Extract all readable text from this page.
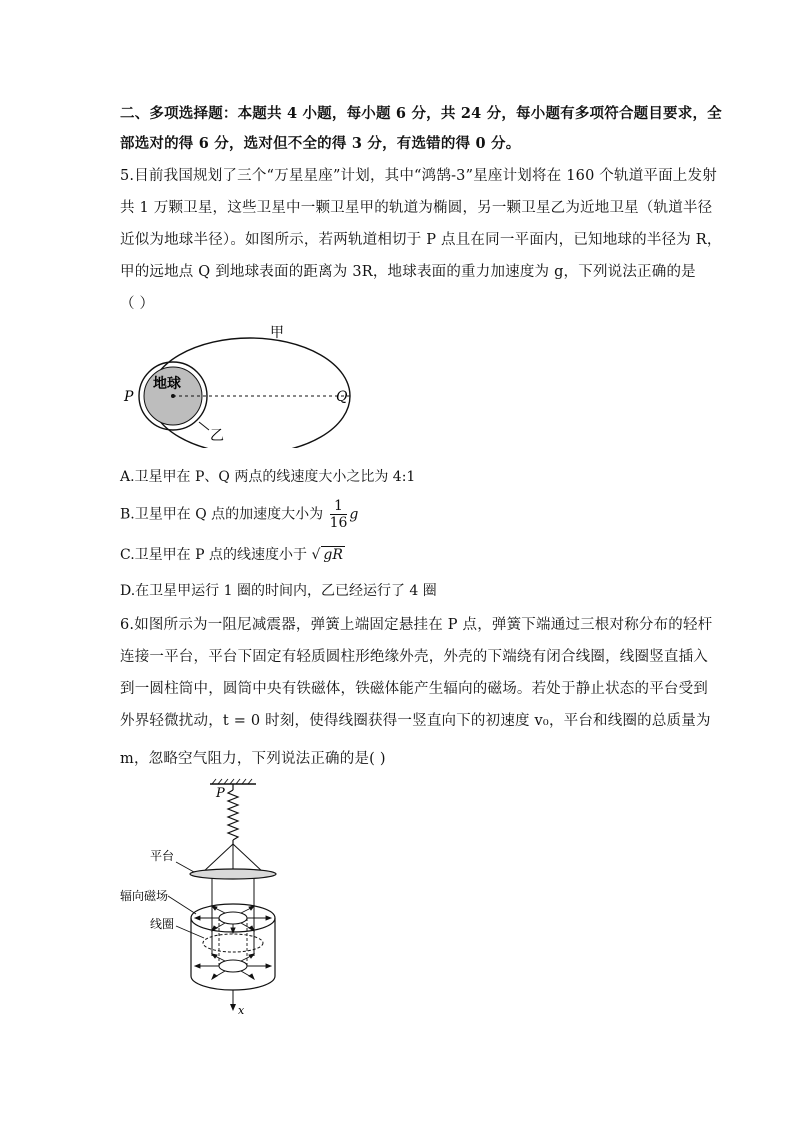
二、多项选择题：本题共 4 小题，每小题 6 分，共 24 分，每小题有多项符合题目要求，全
部选对的得 6 分，选对但不全的得 3 分，有选错的得 0 分。
5.目前我国规划了三个“万星星座”计划，其中“鸿鹄-3”星座计划将在 160 个轨道平面上发射
共 1 万颗卫星，这些卫星中一颗卫星甲的轨道为椭圆，另一颗卫星乙为近地卫星（轨道半径
近似为地球半径）。如图所示，若两轨道相切于 P 点且在同一平面内，已知地球的半径为 R，
甲的远地点 Q 到地球表面的距离为 3R，地球表面的重力加速度为 g，下列说法正确的是
（ ）
甲
地球
P	Q
乙
A.卫星甲在 P、Q 两点的线速度大小之比为 4:1
B.卫星甲在 Q 点的加速度大小为 $\frac{1}{16}$ g
C.卫星甲在 P 点的线速度小于 √ gR
D.在卫星甲运行 1 圈的时间内，乙已经运行了 4 圈
6.如图所示为一阻尼减震器，弹簧上端固定悬挂在 P 点，弹簧下端通过三根对称分布的轻杆
连接一平台，平台下固定有轻质圆柱形绝缘外壳，外壳的下端绕有闭合线圈，线圈竖直插入
到一圆柱筒中，圆筒中央有铁磁体，铁磁体能产生辐向的磁场。若处于静止状态的平台受到
外界轻微扰动，t = 0 时刻，使得线圈获得一竖直向下的初速度 v₀，平台和线圈的总质量为
m，忽略空气阻力，下列说法正确的是( )
P
平台
辐向磁场
线圈
x
